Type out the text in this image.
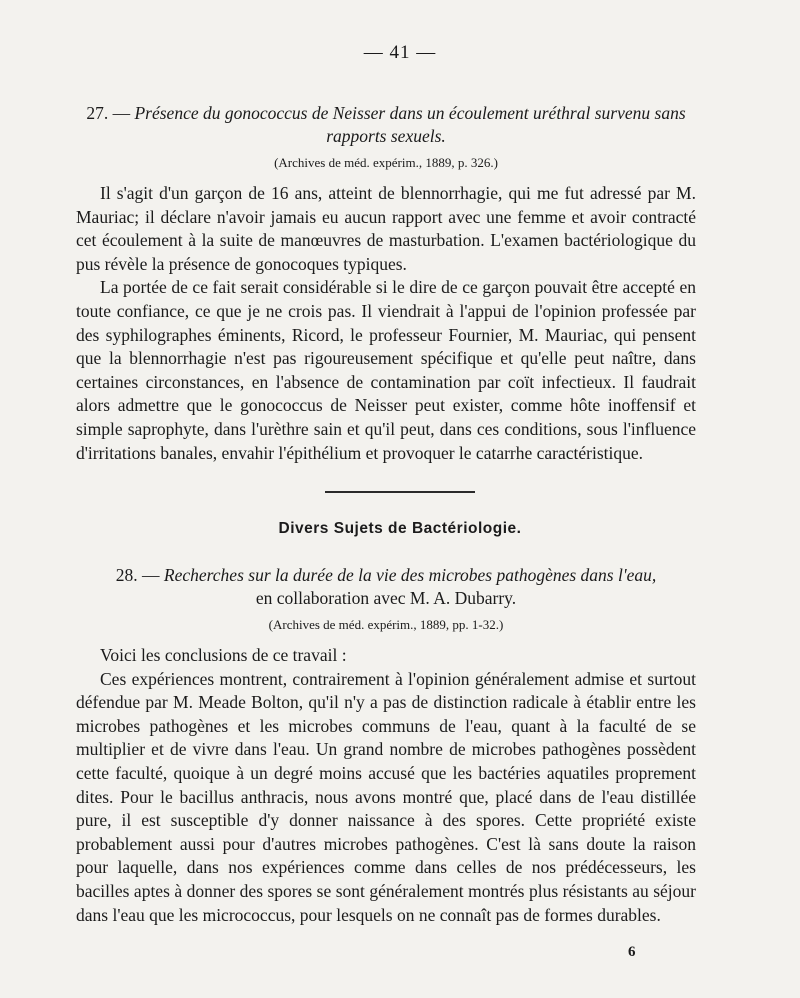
— 41 —

27. — Présence du gonococcus de Neisser dans un écoulement uréthral survenu sans rapports sexuels.

(Archives de méd. expérim., 1889, p. 326.)

Il s'agit d'un garçon de 16 ans, atteint de blennorrhagie, qui me fut adressé par M. Mauriac; il déclare n'avoir jamais eu aucun rapport avec une femme et avoir contracté cet écoulement à la suite de manœuvres de masturbation. L'examen bactériologique du pus révèle la présence de gonocoques typiques.

La portée de ce fait serait considérable si le dire de ce garçon pouvait être accepté en toute confiance, ce que je ne crois pas. Il viendrait à l'appui de l'opinion professée par des syphilographes éminents, Ricord, le professeur Fournier, M. Mauriac, qui pensent que la blennorrhagie n'est pas rigoureusement spécifique et qu'elle peut naître, dans certaines circonstances, en l'absence de contamination par coït infectieux. Il faudrait alors admettre que le gonococcus de Neisser peut exister, comme hôte inoffensif et simple saprophyte, dans l'urèthre sain et qu'il peut, dans ces conditions, sous l'influence d'irritations banales, envahir l'épithélium et provoquer le catarrhe caractéristique.

Divers Sujets de Bactériologie.

28. — Recherches sur la durée de la vie des microbes pathogènes dans l'eau,

en collaboration avec M. A. Dubarry.

(Archives de méd. expérim., 1889, pp. 1-32.)

Voici les conclusions de ce travail :

Ces expériences montrent, contrairement à l'opinion généralement admise et surtout défendue par M. Meade Bolton, qu'il n'y a pas de distinction radicale à établir entre les microbes pathogènes et les microbes communs de l'eau, quant à la faculté de se multiplier et de vivre dans l'eau. Un grand nombre de microbes pathogènes possèdent cette faculté, quoique à un degré moins accusé que les bactéries aquatiles proprement dites. Pour le bacillus anthracis, nous avons montré que, placé dans de l'eau distillée pure, il est susceptible d'y donner naissance à des spores. Cette propriété existe probablement aussi pour d'autres microbes pathogènes. C'est là sans doute la raison pour laquelle, dans nos expériences comme dans celles de nos prédécesseurs, les bacilles aptes à donner des spores se sont généralement montrés plus résistants au séjour dans l'eau que les micrococcus, pour lesquels on ne connaît pas de formes durables.

6
